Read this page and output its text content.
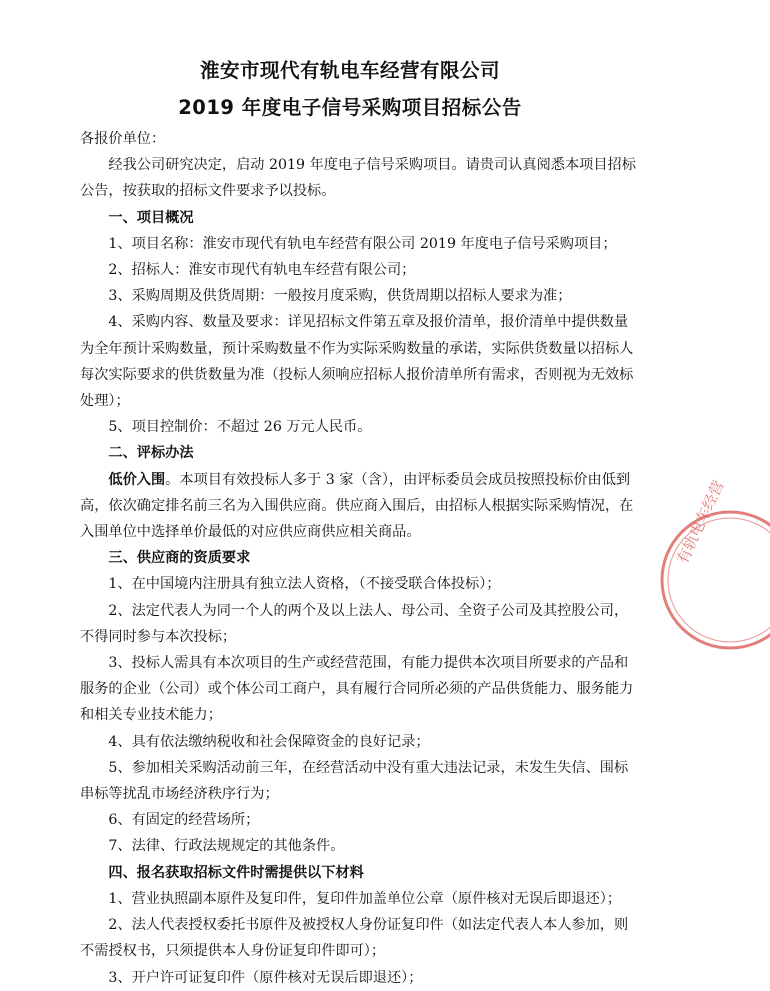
淮安市现代有轨电车经营有限公司
2019 年度电子信号采购项目招标公告

各报价单位：

经我公司研究决定，启动 2019 年度电子信号采购项目。请贵司认真阅悉本项目招标公告，按获取的招标文件要求予以投标。

一、项目概况

1、项目名称：淮安市现代有轨电车经营有限公司 2019 年度电子信号采购项目；

2、招标人：淮安市现代有轨电车经营有限公司；

3、采购周期及供货周期：一般按月度采购，供货周期以招标人要求为准；

4、采购内容、数量及要求：详见招标文件第五章及报价清单，报价清单中提供数量为全年预计采购数量，预计采购数量不作为实际采购数量的承诺，实际供货数量以招标人每次实际要求的供货数量为准（投标人须响应招标人报价清单所有需求，否则视为无效标处理）；

5、项目控制价：不超过 26 万元人民币。

二、评标办法

低价入围。本项目有效投标人多于 3 家（含），由评标委员会成员按照投标价由低到高，依次确定排名前三名为入围供应商。供应商入围后，由招标人根据实际采购情况，在入围单位中选择单价最低的对应供应商供应相关商品。

三、供应商的资质要求

1、在中国境内注册具有独立法人资格，（不接受联合体投标）；

2、法定代表人为同一个人的两个及以上法人、母公司、全资子公司及其控股公司，不得同时参与本次投标；

3、投标人需具有本次项目的生产或经营范围，有能力提供本次项目所要求的产品和服务的企业（公司）或个体公司工商户，具有履行合同所必须的产品供货能力、服务能力和相关专业技术能力；

4、具有依法缴纳税收和社会保障资金的良好记录；

5、参加相关采购活动前三年，在经营活动中没有重大违法记录，未发生失信、围标串标等扰乱市场经济秩序行为；

6、有固定的经营场所；

7、法律、行政法规规定的其他条件。

四、报名获取招标文件时需提供以下材料

1、营业执照副本原件及复印件，复印件加盖单位公章（原件核对无误后即退还）；

2、法人代表授权委托书原件及被授权人身份证复印件（如法定代表人本人参加，则不需授权书，只须提供本人身份证复印件即可）；

3、开户许可证复印件（原件核对无误后即退还）；

有轨电车经营
